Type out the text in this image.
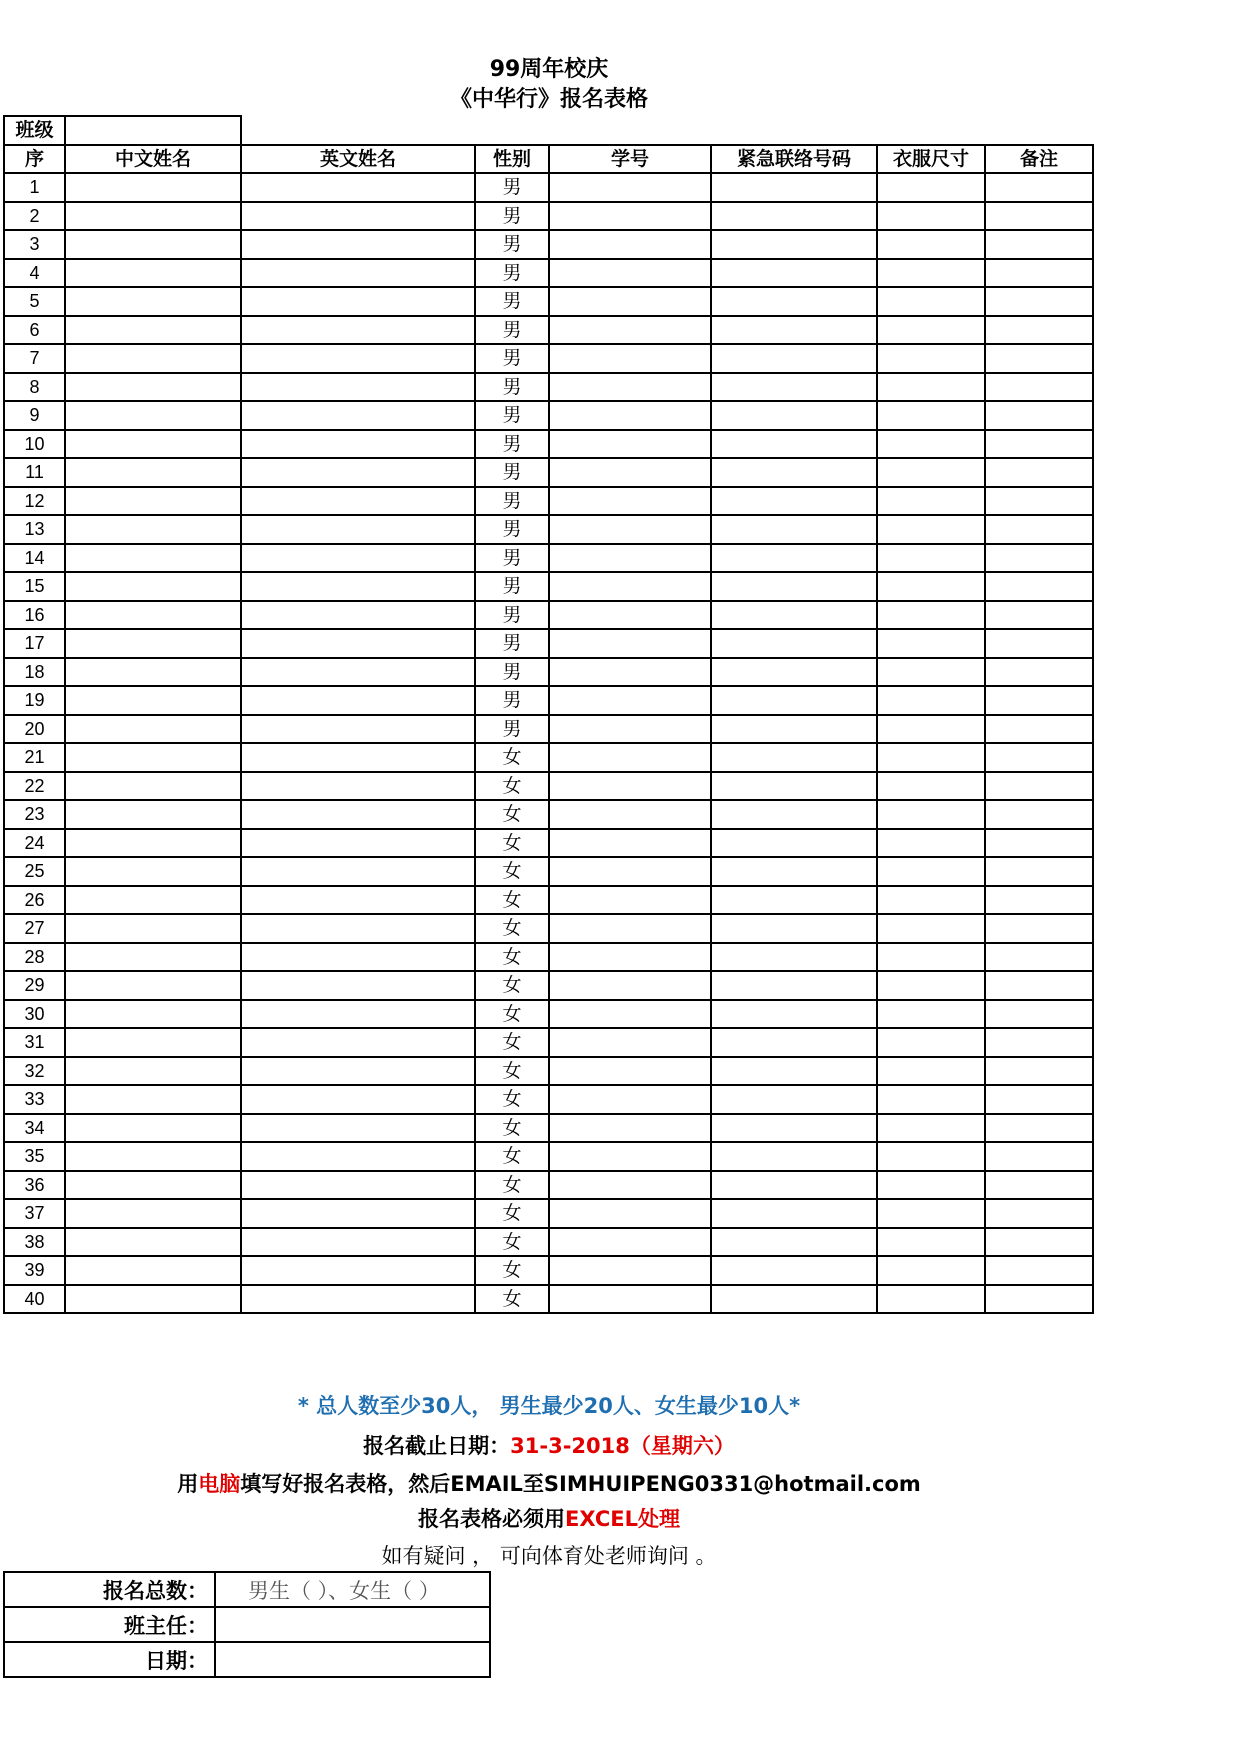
99周年校庆
《中华行》报名表格
班级							
序	中文姓名	英文姓名	性别	学号	紧急联络号码	衣服尺寸	备注
1			男				
2			男				
3			男				
4			男				
5			男				
6			男				
7			男				
8			男				
9			男				
10			男				
11			男				
12			男				
13			男				
14			男				
15			男				
16			男				
17			男				
18			男				
19			男				
20			男				
21			女				
22			女				
23			女				
24			女				
25			女				
26			女				
27			女				
28			女				
29			女				
30			女				
31			女				
32			女				
33			女				
34			女				
35			女				
36			女				
37			女				
38			女				
39			女				
40			女				
* 总人数至少30人， 男生最少20人、女生最少10人*
报名截止日期：31-3-2018（星期六）
用电脑填写好报名表格，然后EMAIL至SIMHUIPENG0331@hotmail.com
报名表格必须用EXCEL处理
如有疑问 ， 可向体育处老师询问 。
报名总数：	男生（ ）、女生（ ）
班主任：	
日期：	
